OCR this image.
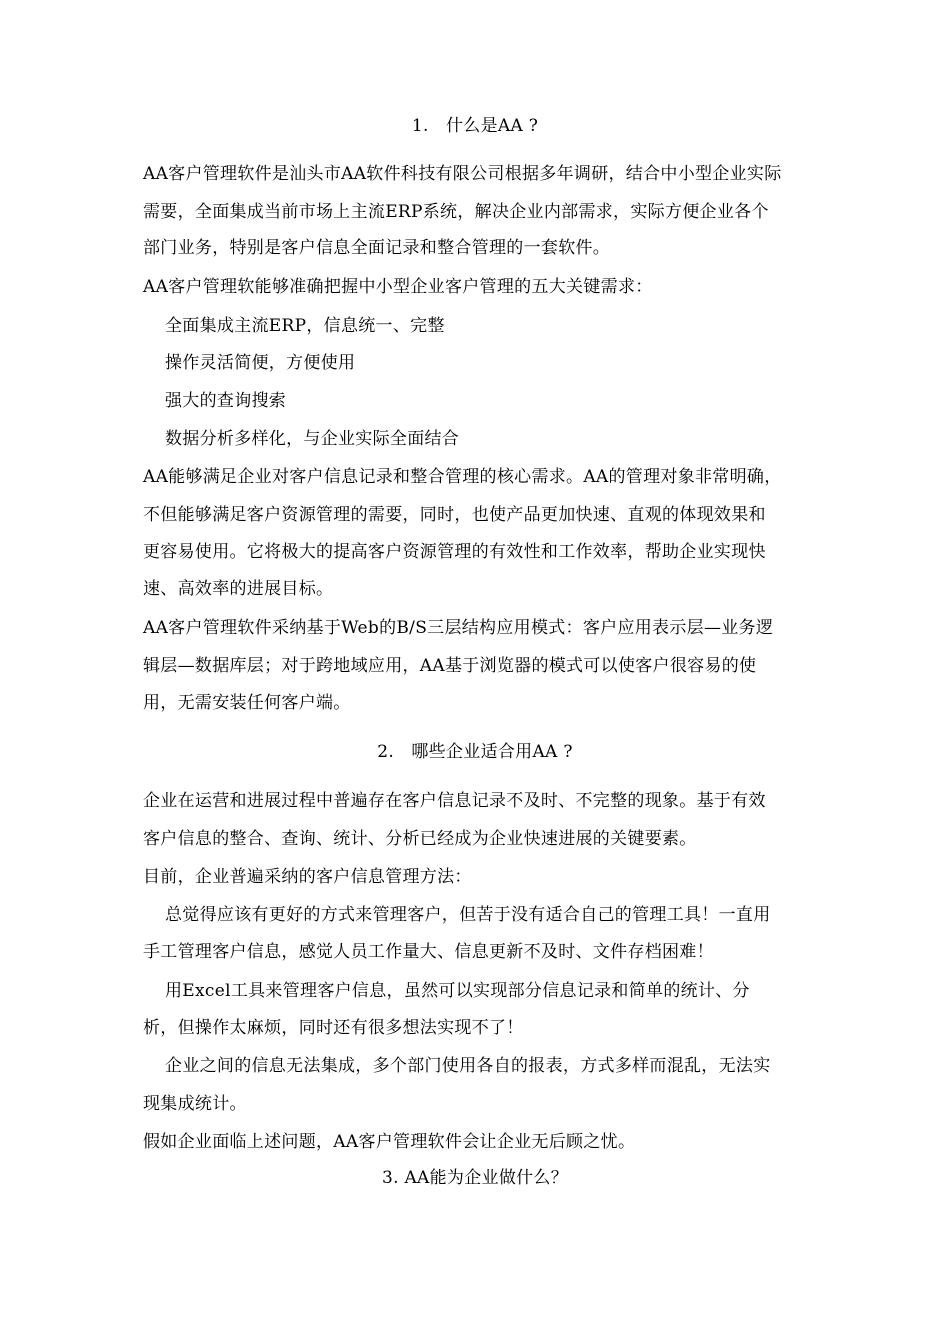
1.　什么是AA ?
AA客户管理软件是汕头市AA软件科技有限公司根据多年调研，结合中小型企业实际
需要，全面集成当前市场上主流ERP系统，解决企业内部需求，实际方便企业各个
部门业务，特别是客户信息全面记录和整合管理的一套软件。
AA客户管理软能够准确把握中小型企业客户管理的五大关键需求：
全面集成主流ERP，信息统一、完整
操作灵活简便，方便使用
强大的查询搜索
数据分析多样化，与企业实际全面结合
AA能够满足企业对客户信息记录和整合管理的核心需求。AA的管理对象非常明确，
不但能够满足客户资源管理的需要，同时，也使产品更加快速、直观的体现效果和
更容易使用。它将极大的提高客户资源管理的有效性和工作效率，帮助企业实现快
速、高效率的进展目标。
AA客户管理软件采纳基于Web的B/S三层结构应用模式：客户应用表示层—业务逻
辑层—数据库层；对于跨地域应用，AA基于浏览器的模式可以使客户很容易的使
用，无需安装任何客户端。
2.　哪些企业适合用AA ?
企业在运营和进展过程中普遍存在客户信息记录不及时、不完整的现象。基于有效
客户信息的整合、查询、统计、分析已经成为企业快速进展的关键要素。
目前，企业普遍采纳的客户信息管理方法：
总觉得应该有更好的方式来管理客户，但苦于没有适合自己的管理工具！一直用
手工管理客户信息，感觉人员工作量大、信息更新不及时、文件存档困难！
用Excel工具来管理客户信息，虽然可以实现部分信息记录和简单的统计、分
析，但操作太麻烦，同时还有很多想法实现不了！
企业之间的信息无法集成，多个部门使用各自的报表，方式多样而混乱，无法实
现集成统计。
假如企业面临上述问题，AA客户管理软件会让企业无后顾之忧。
3. AA能为企业做什么？
